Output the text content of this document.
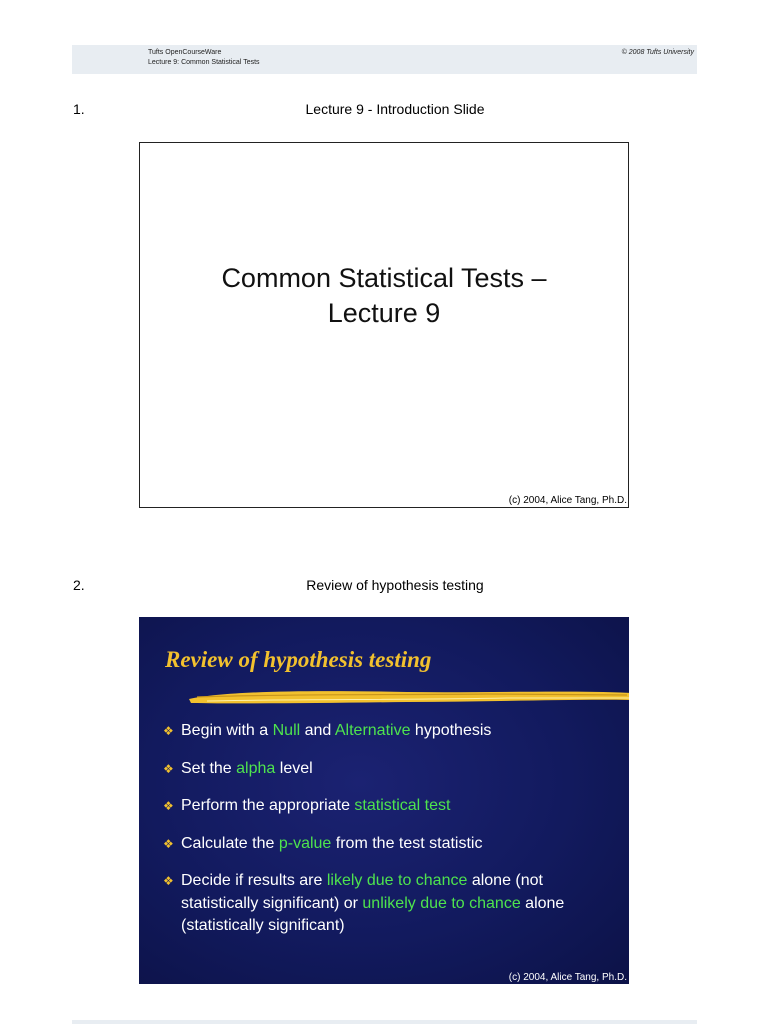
Tufts OpenCourseWare
Lecture 9: Common Statistical Tests
© 2008 Tufts University
1.	Lecture 9 - Introduction Slide
Common Statistical Tests –
Lecture 9
(c) 2004, Alice Tang, Ph.D.
2.	Review of hypothesis testing
Review of hypothesis testing
❖ Begin with a Null and Alternative hypothesis
❖ Set the alpha level
❖ Perform the appropriate statistical test
❖ Calculate the p-value from the test statistic
❖ Decide if results are likely due to chance alone (not statistically significant) or unlikely due to chance alone (statistically significant)
(c) 2004, Alice Tang, Ph.D.
